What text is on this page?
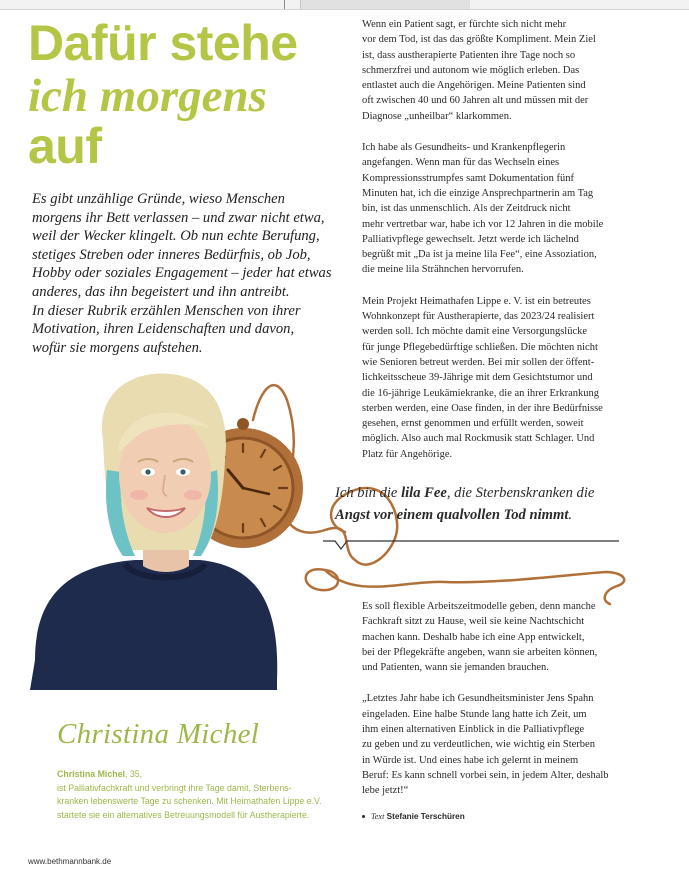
Dafür stehe
ich morgens
auf

Es gibt unzählige Gründe, wieso Menschen

morgens ihr Bett verlassen – und zwar nicht etwa,

weil der Wecker klingelt. Ob nun echte Berufung,

stetiges Streben oder inneres Bedürfnis, ob Job,

Hobby oder soziales Engagement – jeder hat etwas

anderes, das ihn begeistert und ihn antreibt.

In dieser Rubrik erzählen Menschen von ihrer

Motivation, ihren Leidenschaften und davon,

wofür sie morgens aufstehen.

Wenn ein Patient sagt, er fürchte sich nicht mehr

vor dem Tod, ist das das größte Kompliment. Mein Ziel

ist, dass austherapierte Patienten ihre Tage noch so

schmerzfrei und autonom wie möglich erleben. Das

entlastet auch die Angehörigen. Meine Patienten sind

oft zwischen 40 und 60 Jahren alt und müssen mit der

Diagnose „unheilbar“ klarkommen.

Ich habe als Gesundheits- und Krankenpflegerin

angefangen. Wenn man für das Wechseln eines

Kompressionsstrumpfes samt Dokumentation fünf

Minuten hat, ich die einzige Ansprechpartnerin am Tag

bin, ist das unmenschlich. Als der Zeitdruck nicht

mehr vertretbar war, habe ich vor 12 Jahren in die mobile

Palliativpflege gewechselt. Jetzt werde ich lächelnd

begrüßt mit „Da ist ja meine lila Fee“, eine Assoziation,

die meine lila Strähnchen hervorrufen.

Mein Projekt Heimathafen Lippe e. V. ist ein betreutes

Wohnkonzept für Austherapierte, das 2023/24 realisiert

werden soll. Ich möchte damit eine Versorgungslücke

für junge Pflegebedürftige schließen. Die möchten nicht

wie Senioren betreut werden. Bei mir sollen der öffent-

lichkeitsscheue 39-Jährige mit dem Gesichtstumor und

die 16-jährige Leukämiekranke, die an ihrer Erkrankung

sterben werden, eine Oase finden, in der ihre Bedürfnisse

gesehen, ernst genommen und erfüllt werden, soweit

möglich. Also auch mal Rockmusik statt Schlager. Und

Platz für Angehörige.

Ich bin die lila Fee, die Sterbenskranken die
Angst vor einem qualvollen Tod nimmt.

Es soll flexible Arbeitszeitmodelle geben, denn manche

Fachkraft sitzt zu Hause, weil sie keine Nachtschicht

machen kann. Deshalb habe ich eine App entwickelt,

bei der Pflegekräfte angeben, wann sie arbeiten können,

und Patienten, wann sie jemanden brauchen.

„Letztes Jahr habe ich Gesundheitsminister Jens Spahn

eingeladen. Eine halbe Stunde lang hatte ich Zeit, um

ihm einen alternativen Einblick in die Palliativpflege

zu geben und zu verdeutlichen, wie wichtig ein Sterben

in Würde ist. Und eines habe ich gelernt in meinem

Beruf: Es kann schnell vorbei sein, in jedem Alter, deshalb

lebe jetzt!“

Text Stefanie Terschüren
Christina Michel

Christina Michel, 35,

ist Palliativfachkraft und verbringt ihre Tage damit, Sterbens-

kranken lebenswerte Tage zu schenken. Mit Heimathafen Lippe e.V.

startete sie ein alternatives Betreuungsmodell für Austherapierte.

www.bethmannbank.de
